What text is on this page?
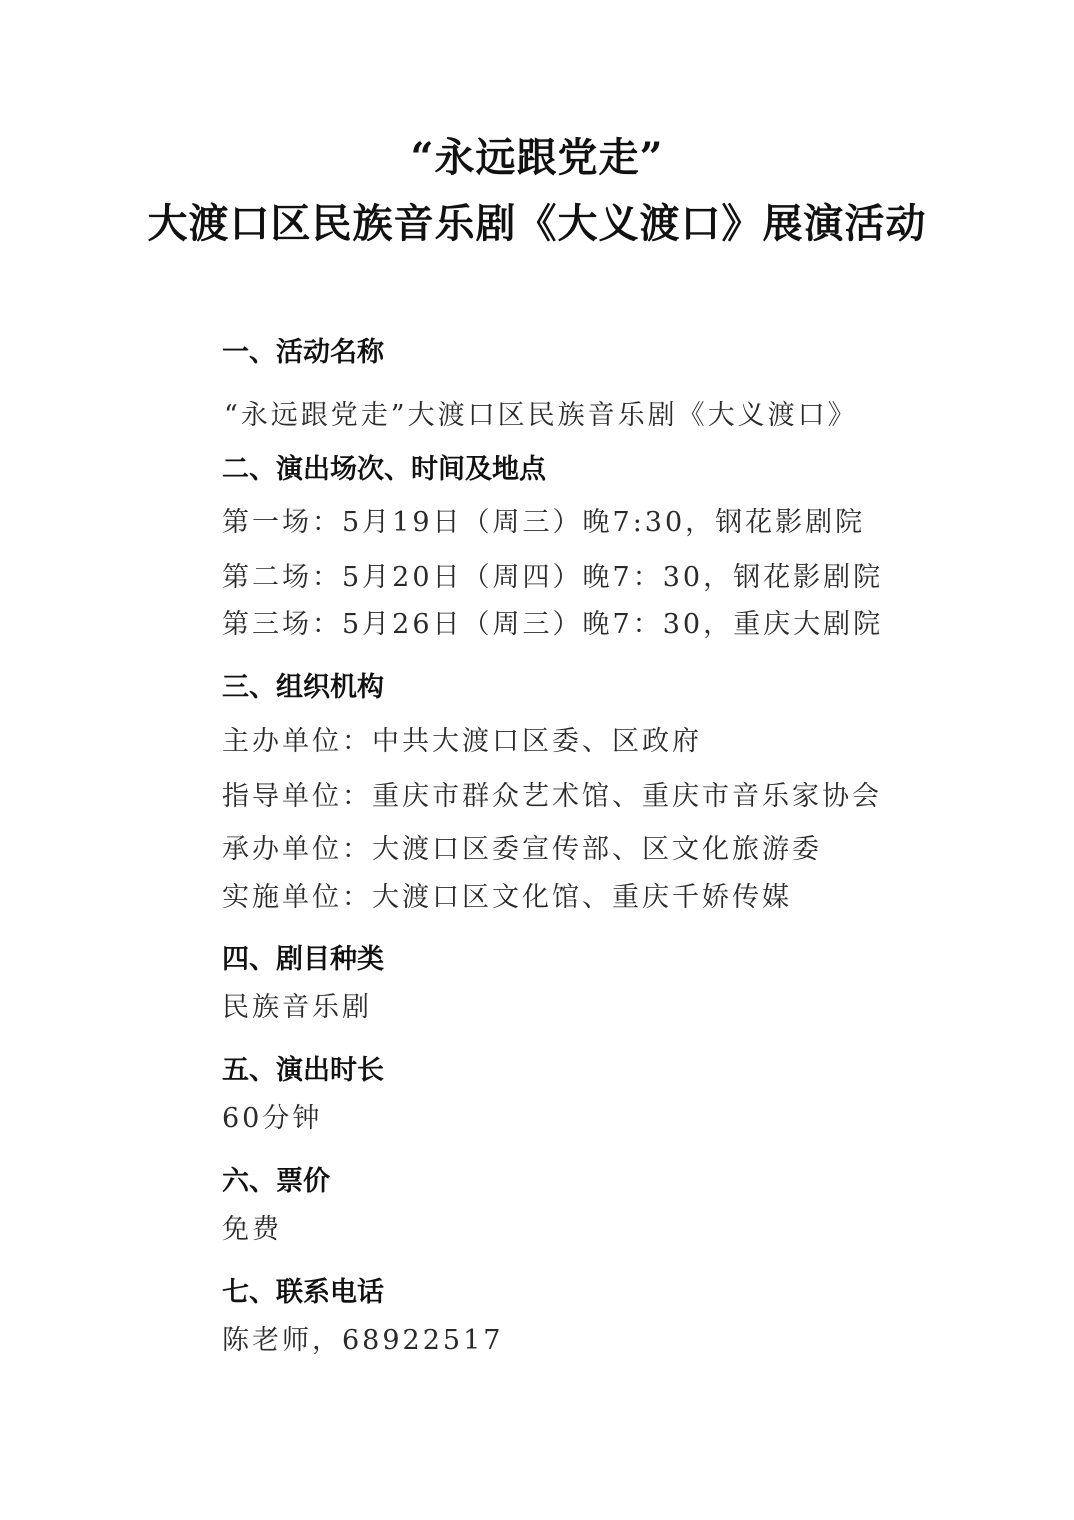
“永远跟党走”
大渡口区民族音乐剧《大义渡口》展演活动
一、活动名称
“永远跟党走”大渡口区民族音乐剧《大义渡口》
二、演出场次、时间及地点
第一场：5月19日（周三）晚7:30，钢花影剧院
第二场：5月20日（周四）晚7：30，钢花影剧院
第三场：5月26日（周三）晚7：30，重庆大剧院
三、组织机构
主办单位：中共大渡口区委、区政府
指导单位：重庆市群众艺术馆、重庆市音乐家协会
承办单位：大渡口区委宣传部、区文化旅游委
实施单位：大渡口区文化馆、重庆千娇传媒
四、剧目种类
民族音乐剧
五、演出时长
60分钟
六、票价
免费
七、联系电话
陈老师，68922517
